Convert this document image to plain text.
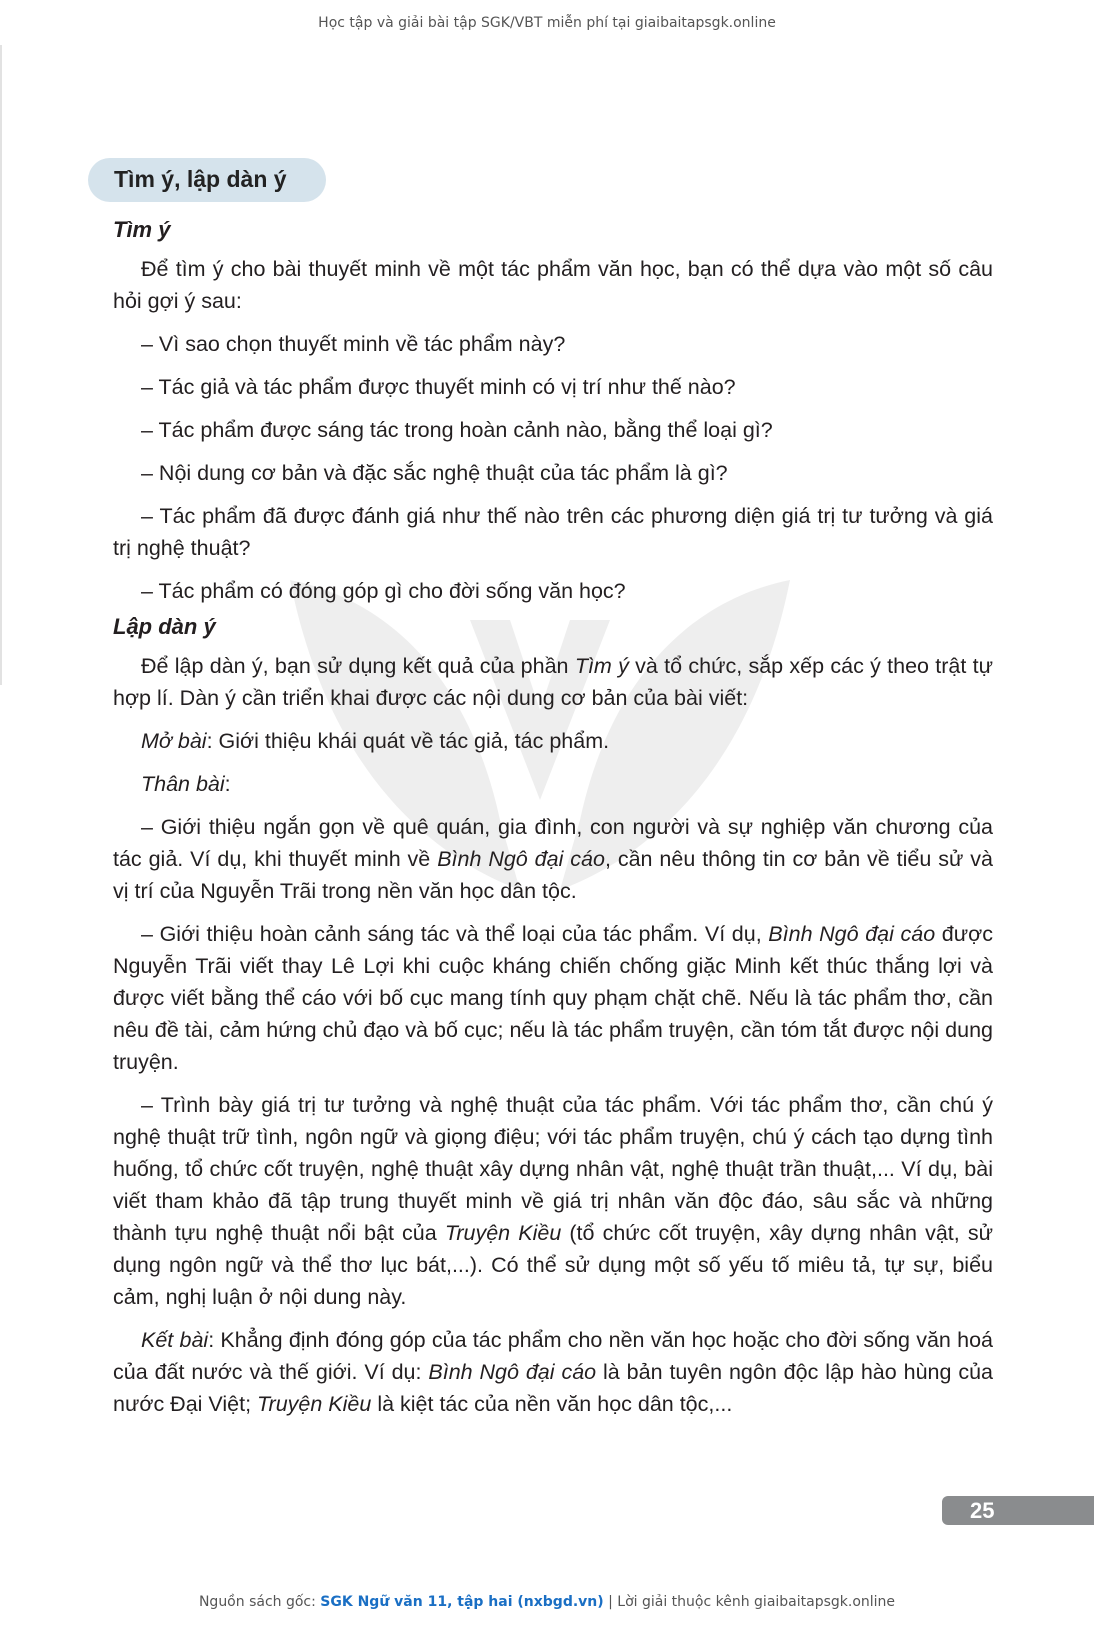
Học tập và giải bài tập SGK/VBT miễn phí tại giaibaitapsgk.online
Tìm ý, lập dàn ý
Tìm ý

Để tìm ý cho bài thuyết minh về một tác phẩm văn học, bạn có thể dựa vào một số câu hỏi gợi ý sau:

– Vì sao chọn thuyết minh về tác phẩm này?

– Tác giả và tác phẩm được thuyết minh có vị trí như thế nào?

– Tác phẩm được sáng tác trong hoàn cảnh nào, bằng thể loại gì?

– Nội dung cơ bản và đặc sắc nghệ thuật của tác phẩm là gì?

– Tác phẩm đã được đánh giá như thế nào trên các phương diện giá trị tư tưởng và giá trị nghệ thuật?

– Tác phẩm có đóng góp gì cho đời sống văn học?

Lập dàn ý

Để lập dàn ý, bạn sử dụng kết quả của phần Tìm ý và tổ chức, sắp xếp các ý theo trật tự hợp lí. Dàn ý cần triển khai được các nội dung cơ bản của bài viết:

Mở bài: Giới thiệu khái quát về tác giả, tác phẩm.

Thân bài:

– Giới thiệu ngắn gọn về quê quán, gia đình, con người và sự nghiệp văn chương của tác giả. Ví dụ, khi thuyết minh về Bình Ngô đại cáo, cần nêu thông tin cơ bản về tiểu sử và vị trí của Nguyễn Trãi trong nền văn học dân tộc.

– Giới thiệu hoàn cảnh sáng tác và thể loại của tác phẩm. Ví dụ, Bình Ngô đại cáo được Nguyễn Trãi viết thay Lê Lợi khi cuộc kháng chiến chống giặc Minh kết thúc thắng lợi và được viết bằng thể cáo với bố cục mang tính quy phạm chặt chẽ. Nếu là tác phẩm thơ, cần nêu đề tài, cảm hứng chủ đạo và bố cục; nếu là tác phẩm truyện, cần tóm tắt được nội dung truyện.

– Trình bày giá trị tư tưởng và nghệ thuật của tác phẩm. Với tác phẩm thơ, cần chú ý nghệ thuật trữ tình, ngôn ngữ và giọng điệu; với tác phẩm truyện, chú ý cách tạo dựng tình huống, tổ chức cốt truyện, nghệ thuật xây dựng nhân vật, nghệ thuật trần thuật,... Ví dụ, bài viết tham khảo đã tập trung thuyết minh về giá trị nhân văn độc đáo, sâu sắc và những thành tựu nghệ thuật nổi bật của Truyện Kiều (tổ chức cốt truyện, xây dựng nhân vật, sử dụng ngôn ngữ và thể thơ lục bát,...). Có thể sử dụng một số yếu tố miêu tả, tự sự, biểu cảm, nghị luận ở nội dung này.

Kết bài: Khẳng định đóng góp của tác phẩm cho nền văn học hoặc cho đời sống văn hoá của đất nước và thế giới. Ví dụ: Bình Ngô đại cáo là bản tuyên ngôn độc lập hào hùng của nước Đại Việt; Truyện Kiều là kiệt tác của nền văn học dân tộc,...

25
Nguồn sách gốc: SGK Ngữ văn 11, tập hai (nxbgd.vn) | Lời giải thuộc kênh giaibaitapsgk.online
